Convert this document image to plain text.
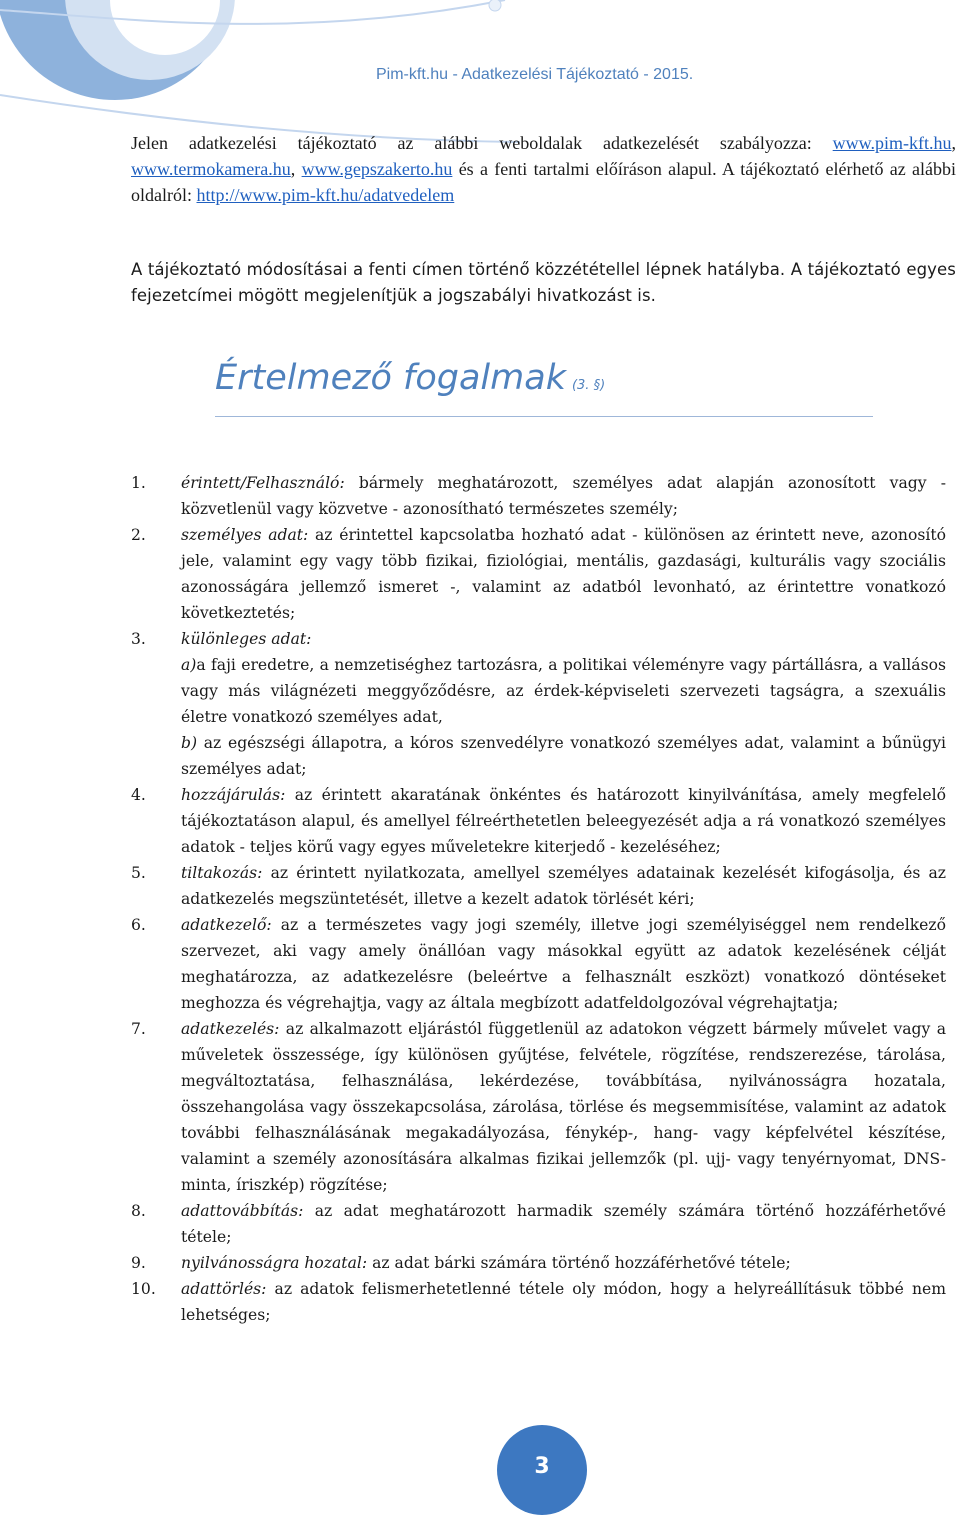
Pim-kft.hu - Adatkezelési Tájékoztató - 2015.

Jelen adatkezelési tájékoztató az alábbi weboldalak adatkezelését szabályozza: www.pim-kft.hu, www.termokamera.hu, www.gepszakerto.hu és a fenti tartalmi előíráson alapul. A tájékoztató elérhető az alábbi oldalról: http://www.pim-kft.hu/adatvedelem

A tájékoztató módosításai a fenti címen történő közzététellel lépnek hatályba. A tájékoztató egyes fejezetcímei mögött megjelenítjük a jogszabályi hivatkozást is.

Értelmező fogalmak (3. §)
1. érintett/Felhasználó: bármely meghatározott, személyes adat alapján azonosított vagy - közvetlenül vagy közvetve - azonosítható természetes személy;
2. személyes adat: az érintettel kapcsolatba hozható adat - különösen az érintett neve, azonosító jele, valamint egy vagy több fizikai, fiziológiai, mentális, gazdasági, kulturális vagy szociális azonosságára jellemző ismeret -, valamint az adatból levonható, az érintettre vonatkozó következtetés;
3. különleges adat:

a)a faji eredetre, a nemzetiséghez tartozásra, a politikai véleményre vagy pártállásra, a vallásos vagy más világnézeti meggyőződésre, az érdek-képviseleti szervezeti tagságra, a szexuális életre vonatkozó személyes adat,

b) az egészségi állapotra, a kóros szenvedélyre vonatkozó személyes adat, valamint a bűnügyi személyes adat;

4. hozzájárulás: az érintett akaratának önkéntes és határozott kinyilvánítása, amely megfelelő tájékoztatáson alapul, és amellyel félreérthetetlen beleegyezését adja a rá vonatkozó személyes adatok - teljes körű vagy egyes műveletekre kiterjedő - kezeléséhez;
5. tiltakozás: az érintett nyilatkozata, amellyel személyes adatainak kezelését kifogásolja, és az adatkezelés megszüntetését, illetve a kezelt adatok törlését kéri;
6. adatkezelő: az a természetes vagy jogi személy, illetve jogi személyiséggel nem rendelkező szervezet, aki vagy amely önállóan vagy másokkal együtt az adatok kezelésének célját meghatározza, az adatkezelésre (beleértve a felhasznált eszközt) vonatkozó döntéseket meghozza és végrehajtja, vagy az általa megbízott adatfeldolgozóval végrehajtatja;
7. adatkezelés: az alkalmazott eljárástól függetlenül az adatokon végzett bármely művelet vagy a műveletek összessége, így különösen gyűjtése, felvétele, rögzítése, rendszerezése, tárolása, megváltoztatása, felhasználása, lekérdezése, továbbítása, nyilvánosságra hozatala, összehangolása vagy összekapcsolása, zárolása, törlése és megsemmisítése, valamint az adatok további felhasználásának megakadályozása, fénykép-, hang- vagy képfelvétel készítése, valamint a személy azonosítására alkalmas fizikai jellemzők (pl. ujj- vagy tenyérnyomat, DNS-minta, íriszkép) rögzítése;
8. adattovábbítás: az adat meghatározott harmadik személy számára történő hozzáférhetővé tétele;
9. nyilvánosságra hozatal: az adat bárki számára történő hozzáférhetővé tétele;
10. adattörlés: az adatok felismerhetetlenné tétele oly módon, hogy a helyreállításuk többé nem lehetséges;
3
